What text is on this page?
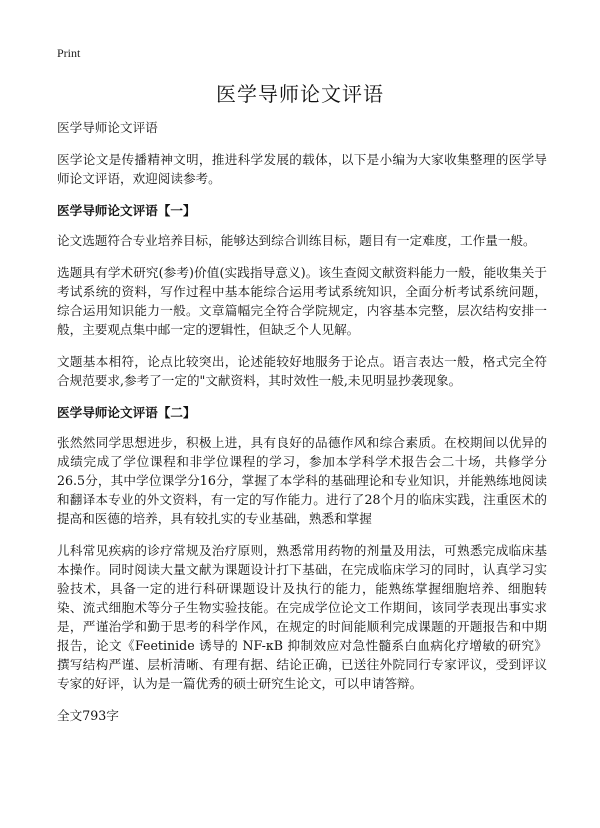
Print
医学导师论文评语

医学导师论文评语

医学论文是传播精神文明，推进科学发展的载体，以下是小编为大家收集整理的医学导师论文评语，欢迎阅读参考。

医学导师论文评语【一】

论文选题符合专业培养目标，能够达到综合训练目标，题目有一定难度，工作量一般。

选题具有学术研究(参考)价值(实践指导意义)。该生查阅文献资料能力一般，能收集关于考试系统的资料，写作过程中基本能综合运用考试系统知识，全面分析考试系统问题，综合运用知识能力一般。文章篇幅完全符合学院规定，内容基本完整，层次结构安排一般，主要观点集中邮一定的逻辑性，但缺乏个人见解。

文题基本相符，论点比较突出，论述能较好地服务于论点。语言表达一般，格式完全符合规范要求,参考了一定的"文献资料，其时效性一般,未见明显抄袭现象。

医学导师论文评语【二】

张然然同学思想进步，积极上进，具有良好的品德作风和综合素质。在校期间以优异的成绩完成了学位课程和非学位课程的学习，参加本学科学术报告会二十场，共修学分26.5分，其中学位课学分16分，掌握了本学科的基础理论和专业知识，并能熟练地阅读和翻译本专业的外文资料，有一定的写作能力。进行了28个月的临床实践，注重医术的提高和医德的培养，具有较扎实的专业基础，熟悉和掌握

儿科常见疾病的诊疗常规及治疗原则，熟悉常用药物的剂量及用法，可熟悉完成临床基本操作。同时阅读大量文献为课题设计打下基础，在完成临床学习的同时，认真学习实验技术，具备一定的进行科研课题设计及执行的能力，能熟练掌握细胞培养、细胞转染、流式细胞术等分子生物实验技能。在完成学位论文工作期间，该同学表现出事实求是，严谨治学和勤于思考的科学作风，在规定的时间能顺利完成课题的开题报告和中期报告，论文《Feetinide 诱导的 NF-κB 抑制效应对急性髓系白血病化疗增敏的研究》撰写结构严谨、层析清晰、有理有据、结论正确，已送往外院同行专家评议，受到评议专家的好评，认为是一篇优秀的硕士研究生论文，可以申请答辩。

全文793字
